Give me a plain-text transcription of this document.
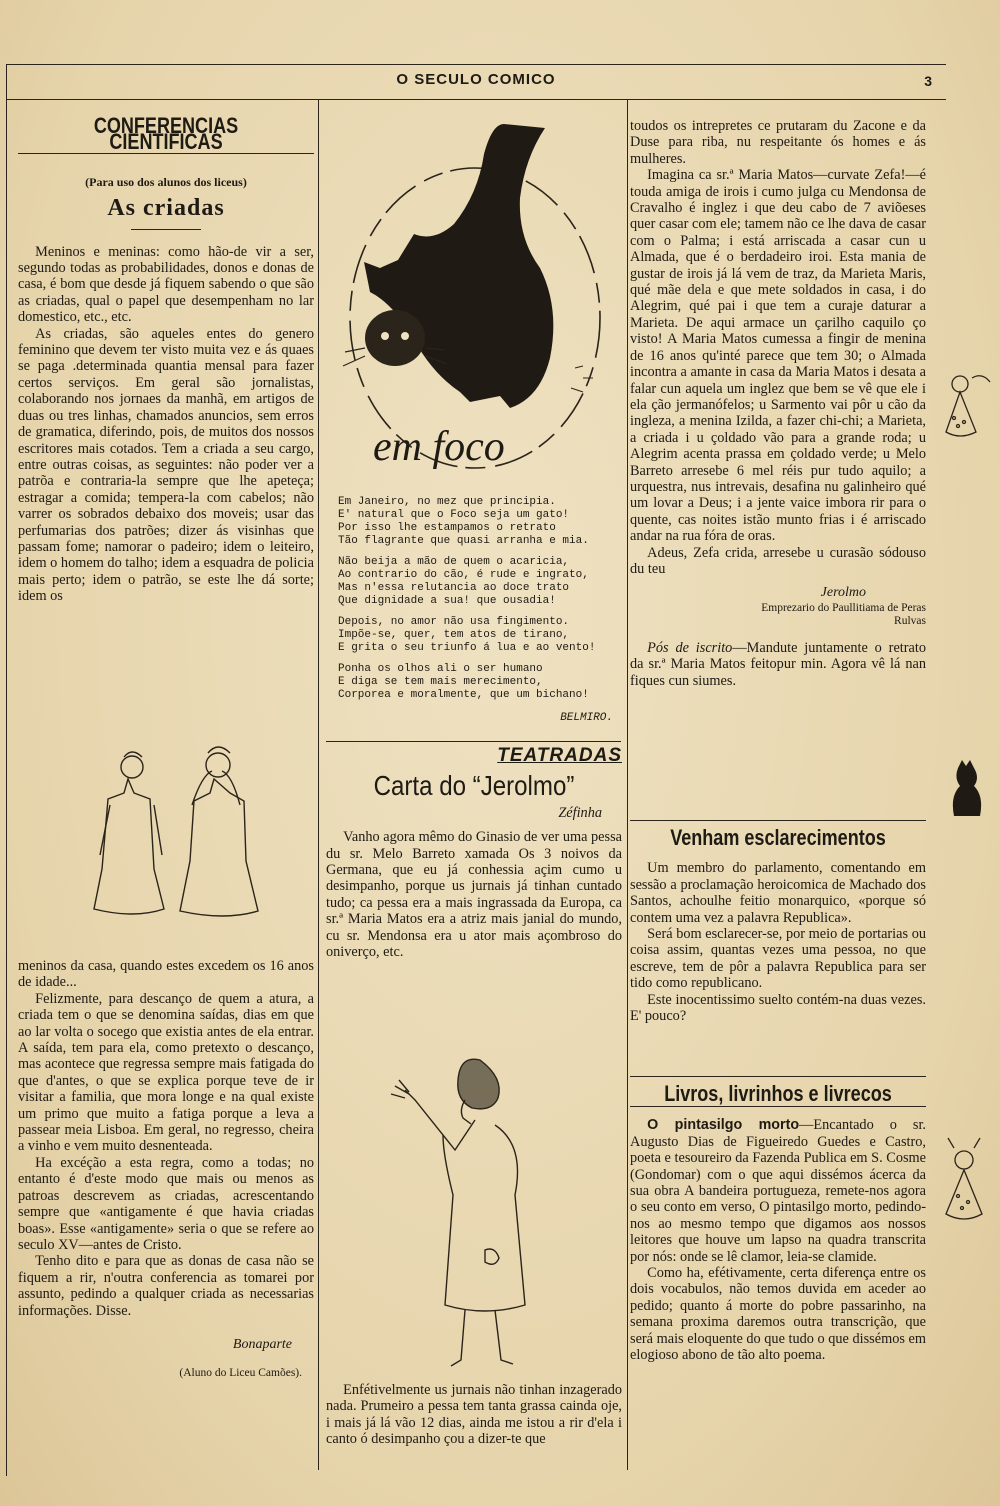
O SECULO COMICO	3
CONFERENCIAS CIENTIFICAS
(Para uso dos alunos dos liceus)
As criadas

Meninos e meninas: como hão-de vir a ser, segundo todas as probabilidades, donos e donas de casa, é bom que desde já fiquem sabendo o que são as criadas, qual o papel que desempenham no lar domestico, etc., etc.

As criadas, são aqueles entes do genero feminino que devem ter visto muita vez e ás quaes se paga .determinada quantia mensal para fazer certos serviços. Em geral são jornalistas, colaborando nos jornaes da manhã, em artigos de duas ou tres linhas, chamados anuncios, sem erros de gramatica, diferindo, pois, de muitos dos nossos escritores mais cotados. Tem a criada a seu cargo, entre outras coisas, as seguintes: não poder ver a patrõa e contraria-la sempre que lhe apeteça; estragar a comida; tempera-la com cabelos; não varrer os sobrados debaixo dos moveis; usar das perfumarias dos patrões; dizer ás visinhas que passam fome; namorar o padeiro; idem o leiteiro, idem o homem do talho; idem a esquadra de policia mais perto; idem o patrão, se este lhe dá sorte; idem os

meninos da casa, quando estes excedem os 16 anos de idade...

Felizmente, para descanço de quem a atura, a criada tem o que se denomina saídas, dias em que ao lar volta o socego que existia antes de ela entrar. A saída, tem para ela, como pretexto o descanço, mas acontece que regressa sempre mais fatigada do que d'antes, o que se explica porque teve de ir visitar a familia, que mora longe e na qual existe um primo que muito a fatiga porque a leva a passear meia Lisboa. Em geral, no regresso, cheira a vinho e vem muito desnenteada.

Ha excéção a esta regra, como a todas; no entanto é d'este modo que mais ou menos as patroas descrevem as criadas, acrescentando sempre que «antigamente é que havia criadas boas». Esse «antigamente» seria o que se refere ao seculo XV—antes de Cristo.

Tenho dito e para que as donas de casa não se fiquem a rir, n'outra conferencia as tomarei por assunto, pedindo a qualquer criada as necessarias informações. Disse.

Bonaparte
(Aluno do Liceu Camões).
em foco
Em Janeiro, no mez que principia.
E' natural que o Foco seja um gato!
Por isso lhe estampamos o retrato
Tão flagrante que quasi arranha e mia.
Não beija a mão de quem o acaricia,
Ao contrario do cão, é rude e ingrato,
Mas n'essa relutancia ao doce trato
Que dignidade a sua! que ousadia!
Depois, no amor não usa fingimento.
Impõe-se, quer, tem atos de tirano,
E grita o seu triunfo á lua e ao vento!
Ponha os olhos ali o ser humano
E diga se tem mais merecimento,
Corporea e moralmente, que um bichano!
BELMIRO.
TEATRADAS
Carta do “Jerolmo”
Zéfinha

Vanho agora mêmo do Ginasio de ver uma pessa du sr. Melo Barreto xamada Os 3 noivos da Germana, que eu já conhessia açim cumo u desimpanho, porque us jurnais já tinhan cuntado tudo; ca pessa era a mais ingrassada da Europa, ca sr.ª Maria Matos era a atriz mais janial do mundo, cu sr. Mendonsa era u ator mais açombroso do oniverço, etc.

Enfétivelmente us jurnais não tinhan inzagerado nada. Prumeiro a pessa tem tanta grassa cainda oje, i mais já lá vão 12 dias, ainda me istou a rir d'ela i canto ó desimpanho çou a dizer-te que

toudos os intrepretes ce prutaram du Zacone e da Duse para riba, nu respeitante ós homes e ás mulheres.

Imagina ca sr.ª Maria Matos—curvate Zefa!—é touda amiga de irois i cumo julga cu Mendonsa de Cravalho é inglez i que deu cabo de 7 aviõeses quer casar com ele; tamem não ce lhe dava de casar com o Palma; i está arriscada a casar cun u Almada, que é o berdadeiro iroi. Esta mania de gustar de irois já lá vem de traz, da Marieta Maris, qué mãe dela e que mete soldados in casa, i do Alegrim, qué pai i que tem a curaje daturar a Marieta. De aqui armace un çarilho caquilo ço visto! A Maria Matos cumessa a fingir de menina de 16 anos qu'inté parece que tem 30; o Almada incontra a amante in casa da Maria Matos i desata a falar cun aquela um inglez que bem se vê que ele i ela ção jermanófelos; u Sarmento vai pôr u cão da ingleza, a menina Izilda, a fazer chi-chi; a Marieta, a criada i u çoldado vão para a grande roda; u Alegrim acenta prassa em çoldado verde; u Melo Barreto arresebe 6 mel réis pur tudo aquilo; a urquestra, nus intrevais, desafina nu galinheiro qué um lovar a Deus; i a jente vaice imbora rir para o quente, cas noites istão munto frias i é arriscado andar na rua fóra de oras.

Adeus, Zefa crida, arresebe u curasão sódouso du teu

Jerolmo
Emprezario do Paullitiama de Peras Rulvas

Pós de iscrito—Mandute juntamente o retrato da sr.ª Maria Matos feitopur min. Agora vê lá nan fiques cun siumes.

Venham esclarecimentos

Um membro do parlamento, comentando em sessão a proclamação heroicomica de Machado dos Santos, achoulhe feitio monarquico, «porque só contem uma vez a palavra Republica».

Será bom esclarecer-se, por meio de portarias ou coisa assim, quantas vezes uma pessoa, no que escreve, tem de pôr a palavra Republica para ser tido como republicano.

Este inocentissimo suelto contém-na duas vezes. E' pouco?

Livros, livrinhos e livrecos

O pintasilgo morto—Encantado o sr. Augusto Dias de Figueiredo Guedes e Castro, poeta e tesoureiro da Fazenda Publica em S. Cosme (Gondomar) com o que aqui dissémos ácerca da sua obra A bandeira portugueza, remete-nos agora o seu conto em verso, O pintasilgo morto, pedindo-nos ao mesmo tempo que digamos aos nossos leitores que houve um lapso na quadra transcrita por nós: onde se lê clamor, leia-se clamide.

Como ha, efétivamente, certa diferença entre os dois vocabulos, não temos duvida em aceder ao pedido; quanto á morte do pobre passarinho, na semana proxima daremos outra transcrição, que será mais eloquente do que tudo o que dissémos em elogioso abono de tão alto poema.
